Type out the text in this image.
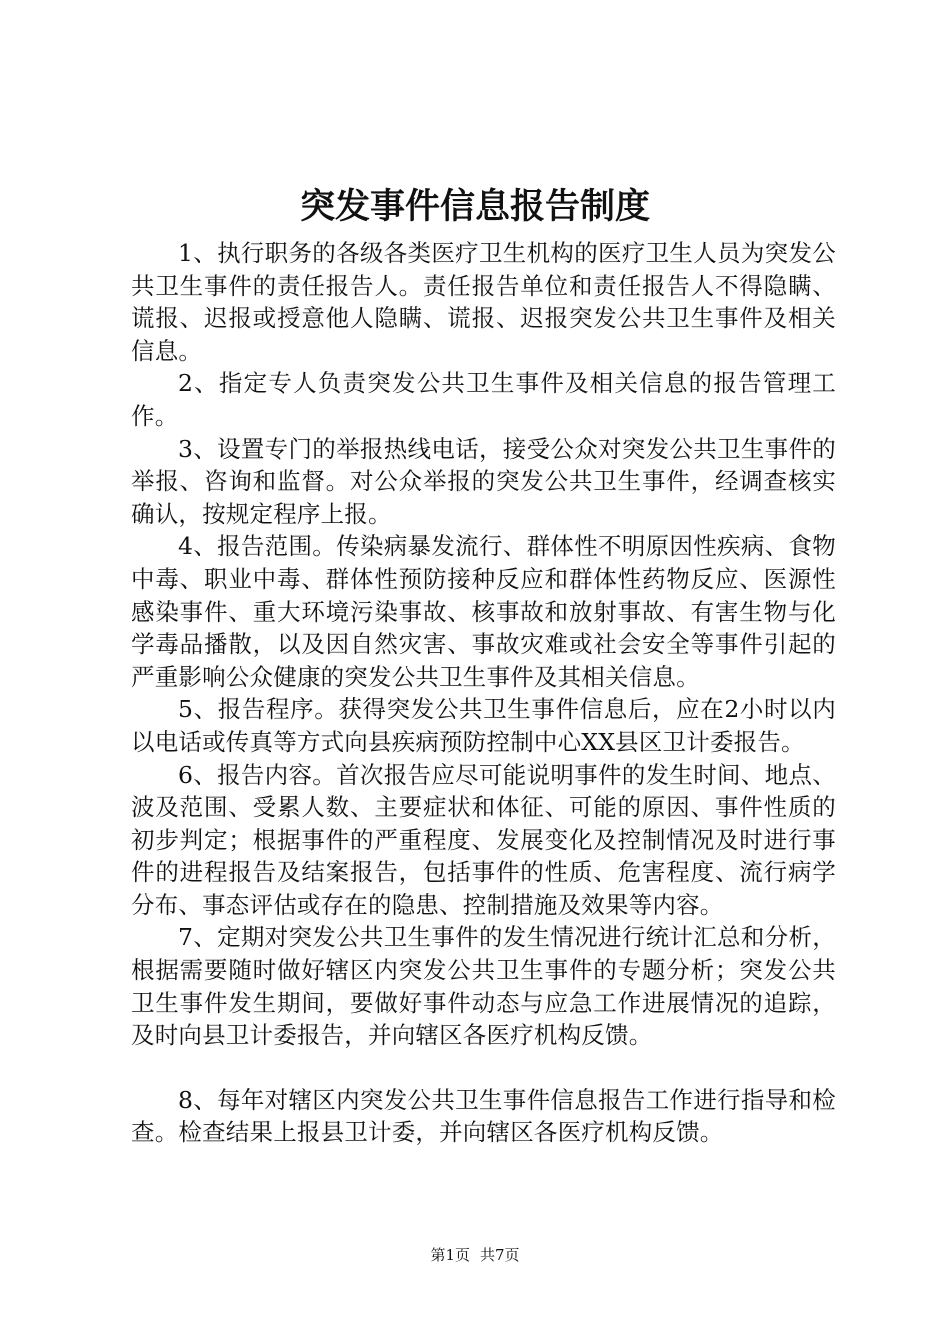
突发事件信息报告制度

1、执行职务的各级各类医疗卫生机构的医疗卫生人员为突发公共卫生事件的责任报告人。责任报告单位和责任报告人不得隐瞒、谎报、迟报或授意他人隐瞒、谎报、迟报突发公共卫生事件及相关信息。

2、指定专人负责突发公共卫生事件及相关信息的报告管理工作。

3、设置专门的举报热线电话，接受公众对突发公共卫生事件的举报、咨询和监督。对公众举报的突发公共卫生事件，经调查核实确认，按规定程序上报。

4、报告范围。传染病暴发流行、群体性不明原因性疾病、食物中毒、职业中毒、群体性预防接种反应和群体性药物反应、医源性感染事件、重大环境污染事故、核事故和放射事故、有害生物与化学毒品播散，以及因自然灾害、事故灾难或社会安全等事件引起的严重影响公众健康的突发公共卫生事件及其相关信息。

5、报告程序。获得突发公共卫生事件信息后，应在2小时以内以电话或传真等方式向县疾病预防控制中心XX县区卫计委报告。

6、报告内容。首次报告应尽可能说明事件的发生时间、地点、波及范围、受累人数、主要症状和体征、可能的原因、事件性质的初步判定；根据事件的严重程度、发展变化及控制情况及时进行事件的进程报告及结案报告，包括事件的性质、危害程度、流行病学分布、事态评估或存在的隐患、控制措施及效果等内容。

7、定期对突发公共卫生事件的发生情况进行统计汇总和分析，根据需要随时做好辖区内突发公共卫生事件的专题分析；突发公共卫生事件发生期间，要做好事件动态与应急工作进展情况的追踪，及时向县卫计委报告，并向辖区各医疗机构反馈。

8、每年对辖区内突发公共卫生事件信息报告工作进行指导和检查。检查结果上报县卫计委，并向辖区各医疗机构反馈。

第1页 共7页
